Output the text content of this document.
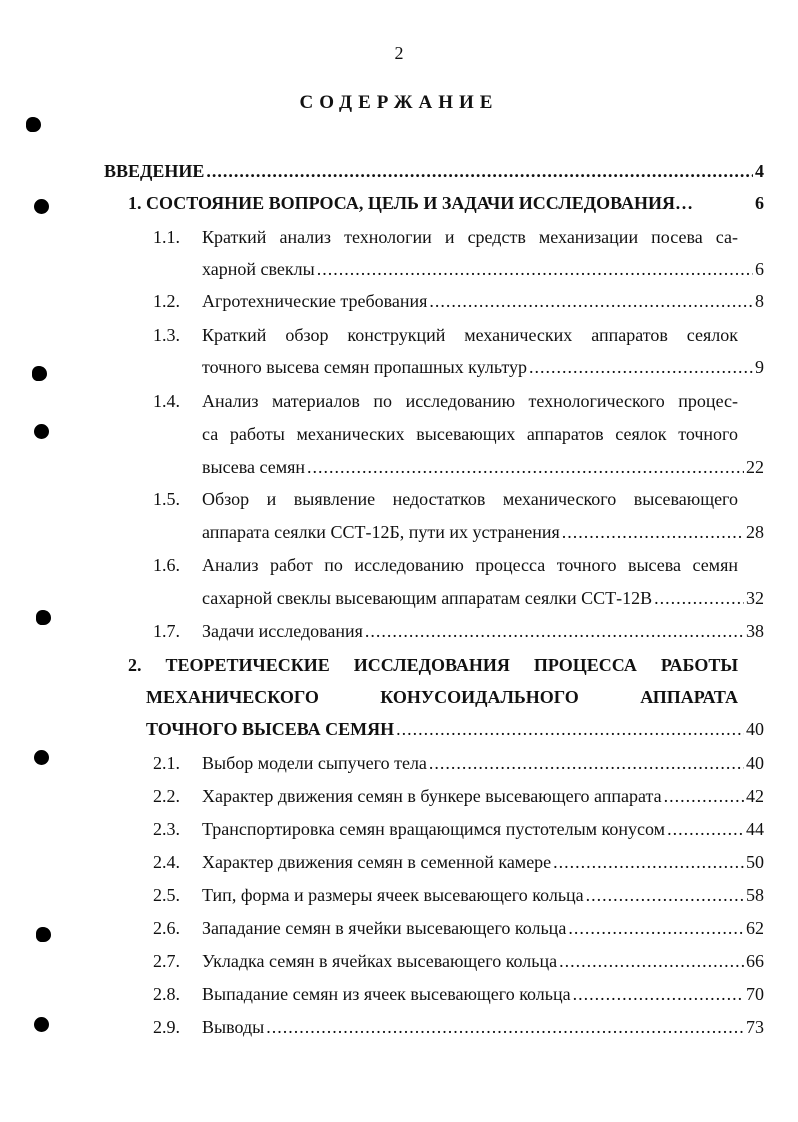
2
СОДЕРЖАНИЕ
ВВЕДЕНИЕ .....	4
1. СОСТОЯНИЕ ВОПРОСА, ЦЕЛЬ И ЗАДАЧИ ИССЛЕДОВАНИЯ…	6
1.1. Краткий анализ технологии и средств механизации посева са-
харной свеклы .....	6
1.2. Агротехнические требования .....	8
1.3. Краткий обзор конструкций механических аппаратов сеялок
точного высева семян пропашных культур .....	9
1.4. Анализ материалов по исследованию технологического процес-
са работы механических высевающих аппаратов сеялок точного
высева семян .....	22
1.5. Обзор и выявление недостатков механического высевающего
аппарата сеялки ССТ-12Б, пути их устранения .....	28
1.6. Анализ работ по исследованию процесса точного высева семян
сахарной свеклы высевающим аппаратам сеялки ССТ-12В .....	32
1.7. Задачи исследования .....	38
2. ТЕОРЕТИЧЕСКИЕ ИССЛЕДОВАНИЯ ПРОЦЕССА РАБОТЫ
МЕХАНИЧЕСКОГО КОНУСОИДАЛЬНОГО АППАРАТА
ТОЧНОГО ВЫСЕВА СЕМЯН .....	40
2.1. Выбор модели сыпучего тела .....	40
2.2. Характер движения семян в бункере высевающего аппарата .....	42
2.3. Транспортировка семян вращающимся пустотелым конусом .....	44
2.4. Характер движения семян в семенной камере .....	50
2.5. Тип, форма и размеры ячеек высевающего кольца .....	58
2.6. Западание семян в ячейки высевающего кольца .....	62
2.7. Укладка семян в ячейках высевающего кольца .....	66
2.8. Выпадание семян из ячеек высевающего кольца .....	70
2.9. Выводы .....	73
